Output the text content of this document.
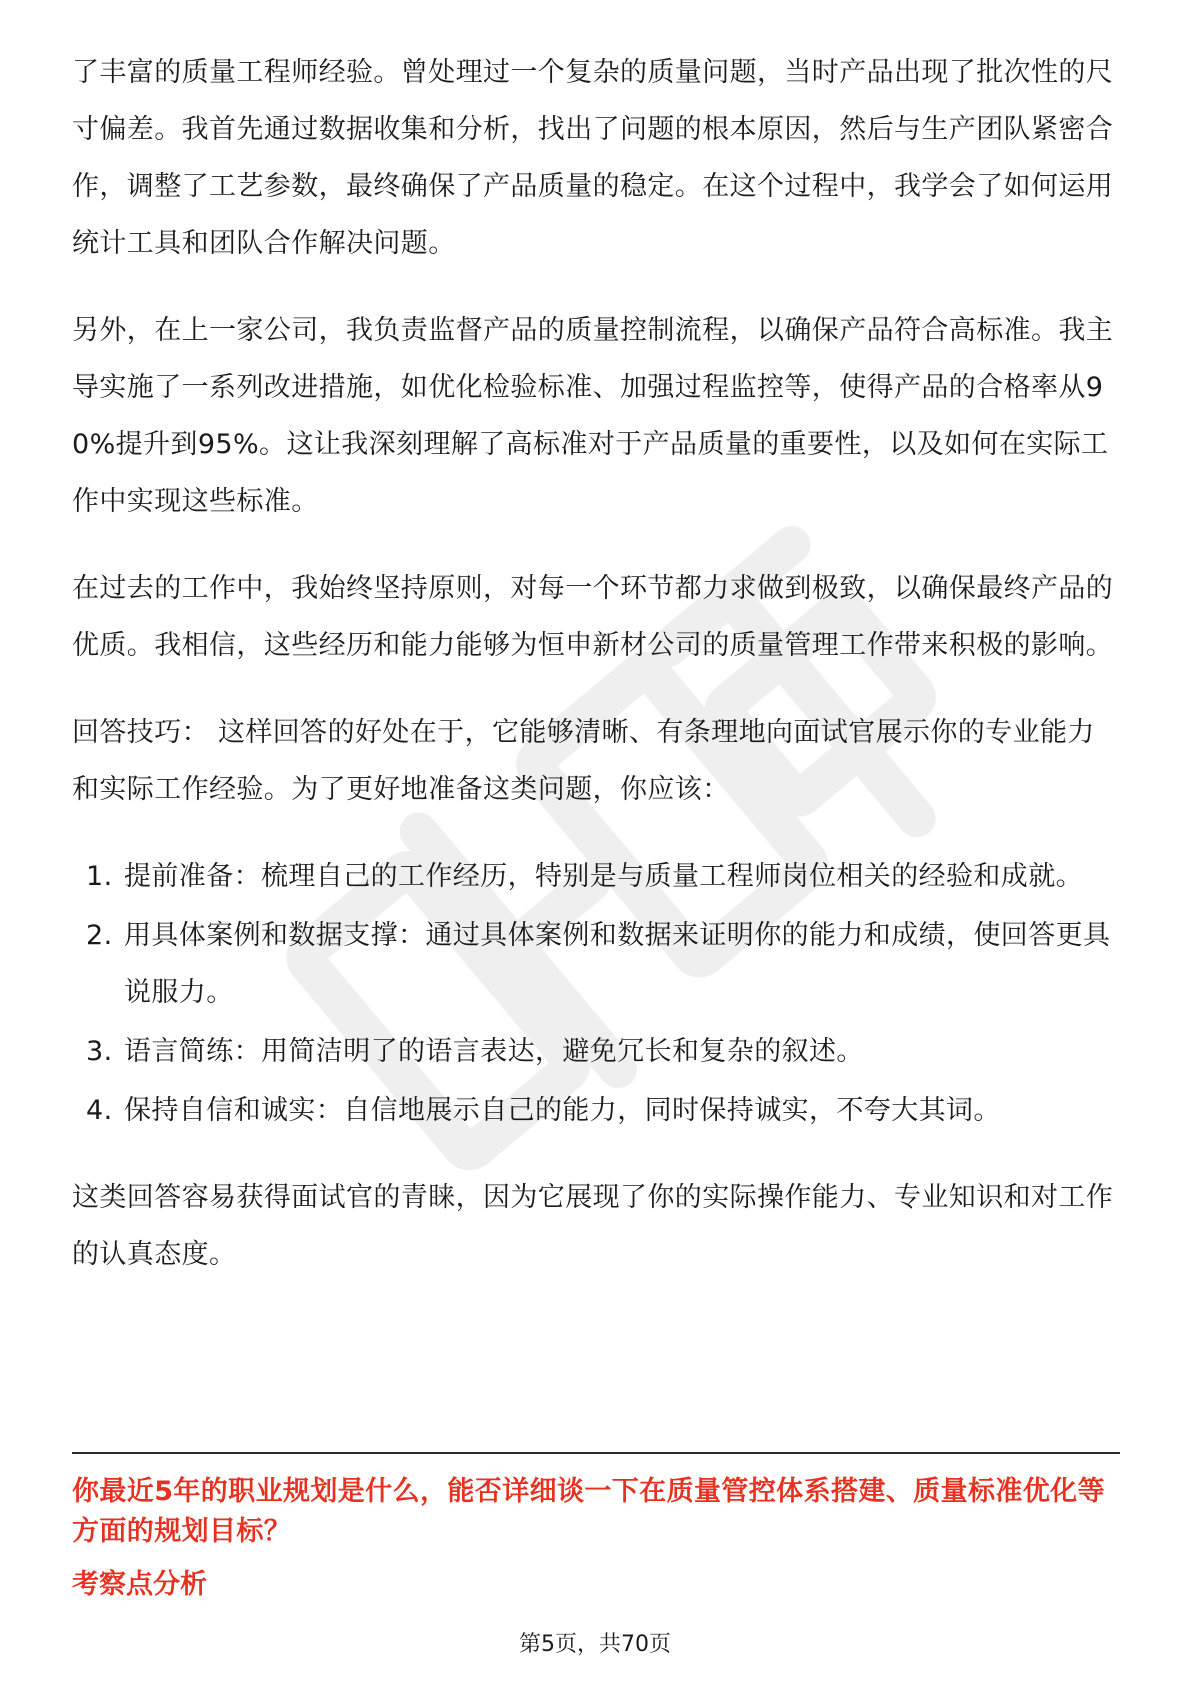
了丰富的质量工程师经验。曾处理过一个复杂的质量问题，当时产品出现了批次性的尺寸偏差。我首先通过数据收集和分析，找出了问题的根本原因，然后与生产团队紧密合作，调整了工艺参数，最终确保了产品质量的稳定。在这个过程中，我学会了如何运用统计工具和团队合作解决问题。

另外，在上一家公司，我负责监督产品的质量控制流程，以确保产品符合高标准。我主导实施了一系列改进措施，如优化检验标准、加强过程监控等，使得产品的合格率从90%提升到95%。这让我深刻理解了高标准对于产品质量的重要性，以及如何在实际工作中实现这些标准。

在过去的工作中，我始终坚持原则，对每一个环节都力求做到极致，以确保最终产品的优质。我相信，这些经历和能力能够为恒申新材公司的质量管理工作带来积极的影响。

回答技巧： 这样回答的好处在于，它能够清晰、有条理地向面试官展示你的专业能力和实际工作经验。为了更好地准备这类问题，你应该：

1. 提前准备：梳理自己的工作经历，特别是与质量工程师岗位相关的经验和成就。
2. 用具体案例和数据支撑：通过具体案例和数据来证明你的能力和成绩，使回答更具说服力。
3. 语言简练：用简洁明了的语言表达，避免冗长和复杂的叙述。
4. 保持自信和诚实：自信地展示自己的能力，同时保持诚实，不夸大其词。

这类回答容易获得面试官的青睐，因为它展现了你的实际操作能力、专业知识和对工作的认真态度。

你最近5年的职业规划是什么，能否详细谈一下在质量管控体系搭建、质量标准优化等方面的规划目标？

考察点分析

第5页，共70页
